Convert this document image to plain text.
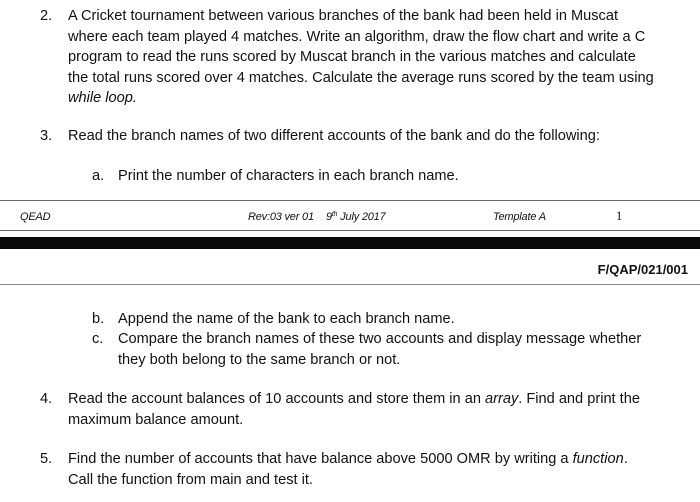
2. A Cricket tournament between various branches of the bank had been held in Muscat
where each team played 4 matches. Write an algorithm, draw the flow chart and write a C
program to read the runs scored by Muscat branch in the various matches and calculate
the total runs scored over 4 matches. Calculate the average runs scored by the team using
while loop.
3. Read the branch names of two different accounts of the bank and do the following:
a. Print the number of characters in each branch name.
QEAD	Rev:03 ver 01 9th July 2017	Template A	1
F/QAP/021/001
b. Append the name of the bank to each branch name.
c. Compare the branch names of these two accounts and display message whether
they both belong to the same branch or not.
4. Read the account balances of 10 accounts and store them in an array. Find and print the
maximum balance amount.
5. Find the number of accounts that have balance above 5000 OMR by writing a function.
Call the function from main and test it.
